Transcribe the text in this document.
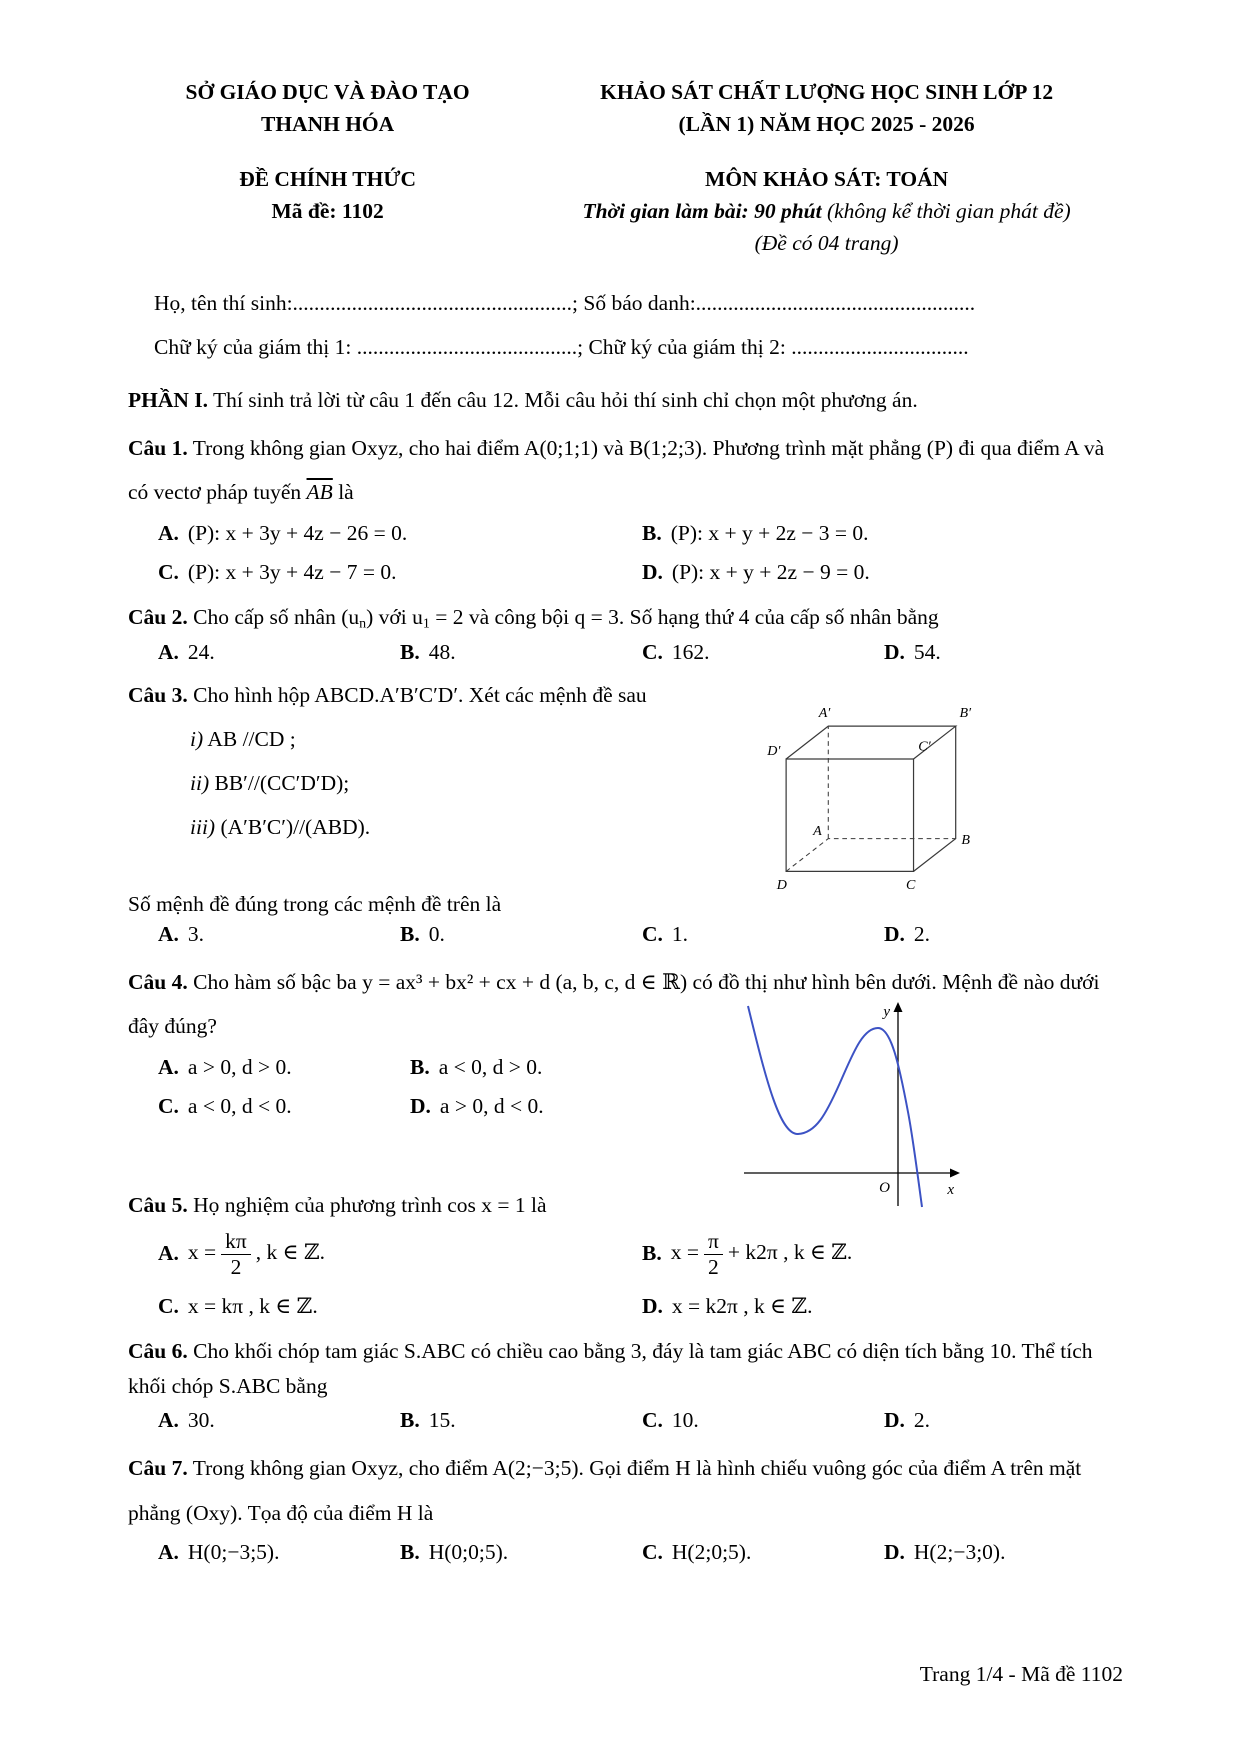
SỞ GIÁO DỤC VÀ ĐÀO TẠO
THANH HÓA
KHẢO SÁT CHẤT LƯỢNG HỌC SINH LỚP 12
(LẦN 1) NĂM HỌC 2025 - 2026
ĐỀ CHÍNH THỨC
Mã đề: 1102
MÔN KHẢO SÁT: TOÁN
Thời gian làm bài: 90 phút (không kể thời gian phát đề)
(Đề có 04 trang)
Họ, tên thí sinh:....................................................; Số báo danh:....................................................
Chữ ký của giám thị 1: .........................................; Chữ ký của giám thị 2: .................................
PHẦN I. Thí sinh trả lời từ câu 1 đến câu 12. Mỗi câu hỏi thí sinh chỉ chọn một phương án.
Câu 1. Trong không gian Oxyz, cho hai điểm A(0;1;1) và B(1;2;3). Phương trình mặt phẳng (P) đi qua điểm A và có vectơ pháp tuyến $\overline{AB}$ là
A. (P): x + 3y + 4z − 26 = 0.	B. (P): x + y + 2z − 3 = 0.
C. (P): x + 3y + 4z − 7 = 0.	D. (P): x + y + 2z − 9 = 0.
Câu 2. Cho cấp số nhân $(u_n)$ với $u_1 = 2$ và công bội q = 3. Số hạng thứ 4 của cấp số nhân bằng
A. 24.	B. 48.	C. 162.	D. 54.
Câu 3. Cho hình hộp ABCD.A′B′C′D′. Xét các mệnh đề sau
i) AB //CD ;
ii) BB′//(CC′D′D);
iii) (A′B′C′)//(ABD).
A′	B′
D′	C′
A
B
D	C
Số mệnh đề đúng trong các mệnh đề trên là
A. 3.	B. 0.	C. 1.	D. 2.
O	x
y
Câu 4. Cho hàm số bậc ba y = ax³ + bx² + cx + d (a, b, c, d ∈ ℝ) có đồ thị như hình bên dưới. Mệnh đề nào dưới đây đúng?
A. a > 0, d > 0.	B. a < 0, d > 0.
C. a < 0, d < 0.	D. a > 0, d < 0.
Câu 5. Họ nghiệm của phương trình cos x = 1 là
A. $x = \frac{k\pi}{2}$ , k ∈ ℤ.	B. $x = \frac{\pi}{2} + k2\pi$ , k ∈ ℤ.
C. x = kπ , k ∈ ℤ.	D. x = k2π , k ∈ ℤ.
Câu 6. Cho khối chóp tam giác S.ABC có chiều cao bằng 3, đáy là tam giác ABC có diện tích bằng 10. Thể tích khối chóp S.ABC bằng
A. 30.	B. 15.	C. 10.	D. 2.
Câu 7. Trong không gian Oxyz, cho điểm A(2;−3;5). Gọi điểm H là hình chiếu vuông góc của điểm A trên mặt phẳng (Oxy). Tọa độ của điểm H là
A. H(0;−3;5).	B. H(0;0;5).	C. H(2;0;5).	D. H(2;−3;0).
Trang 1/4 - Mã đề 1102
